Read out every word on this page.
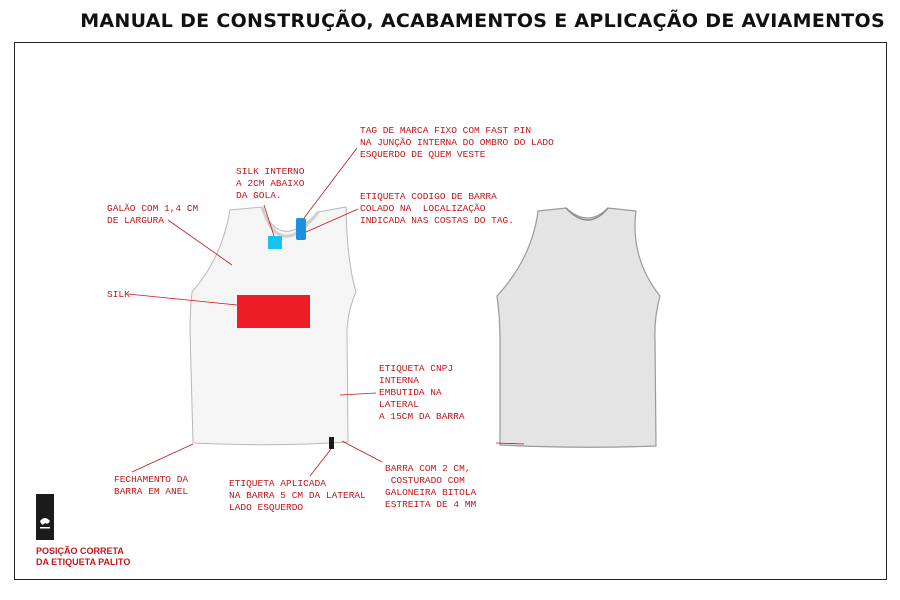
MANUAL DE CONSTRUÇÃO, ACABAMENTOS E APLICAÇÃO DE AVIAMENTOS
TAG DE MARCA FIXO COM FAST PIN
NA JUNÇÃO INTERNA DO OMBRO DO LADO
ESQUERDO DE QUEM VESTE
SILK INTERNO
A 2CM ABAIXO
DA GOLA.	ETIQUETA CODIGO DE BARRA
COLADO NA  LOCALIZAÇÃO
INDICADA NAS COSTAS DO TAG.
GALÃO COM 1,4 CM
DE LARGURA
SILK
ETIQUETA CNPJ
INTERNA
EMBUTIDA NA
LATERAL
A 15CM DA BARRA
FECHAMENTO DA
BARRA EM ANEL
ETIQUETA APLICADA
NA BARRA 5 CM DA LATERAL
LADO ESQUERDO
BARRA COM 2 CM,
COSTURADO COM
GALONEIRA BITOLA
ESTREITA DE 4 MM
POSIÇÃO CORRETA
DA ETIQUETA PALITO
